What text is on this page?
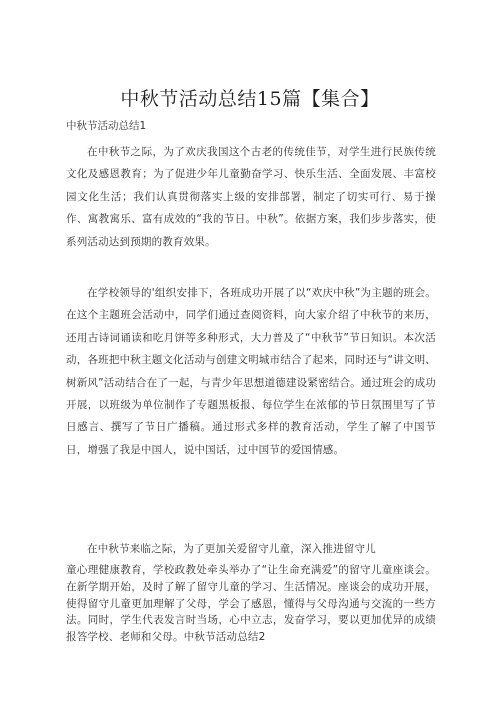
中秋节活动总结15篇【集合】
中秋节活动总结1

在中秋节之际，为了欢庆我国这个古老的传统佳节，对学生进行民族传统文化及感恩教育；为了促进少年儿童勤奋学习、快乐生活、全面发展、丰富校园文化生活；我们认真贯彻落实上级的安排部署，制定了切实可行、易于操作、寓教寓乐、富有成效的“我的节日。中秋”。依据方案，我们步步落实，使系列活动达到预期的教育效果。

在学校领导的'组织安排下，各班成功开展了以“欢庆中秋”为主题的班会。在这个主题班会活动中，同学们通过查阅资料，向大家介绍了中秋节的来历，还用古诗词诵读和吃月饼等多种形式，大力普及了“中秋节”节日知识。本次活动，各班把中秋主题文化活动与创建文明城市结合了起来，同时还与“讲文明、树新风”活动结合在了一起，与青少年思想道德建设紧密结合。通过班会的成功开展，以班级为单位制作了专题黑板报、每位学生在浓郁的节日氛围里写了节日感言、撰写了节日广播稿。通过形式多样的教育活动，学生了解了中国节日，增强了我是中国人，说中国话，过中国节的爱国情感。

在中秋节来临之际，为了更加关爱留守儿童，深入推进留守儿

童心理健康教育，学校政教处牵头举办了“让生命充满爱”的留守儿童座谈会。在新学期开始，及时了解了留守儿童的学习、生活情况。座谈会的成功开展，使得留守儿童更加理解了父母，学会了感恩，懂得与父母沟通与交流的一些方法。同时，学生代表发言时当场，心中立志，发奋学习，要以更加优异的成绩报答学校、老师和父母。中秋节活动总结2
